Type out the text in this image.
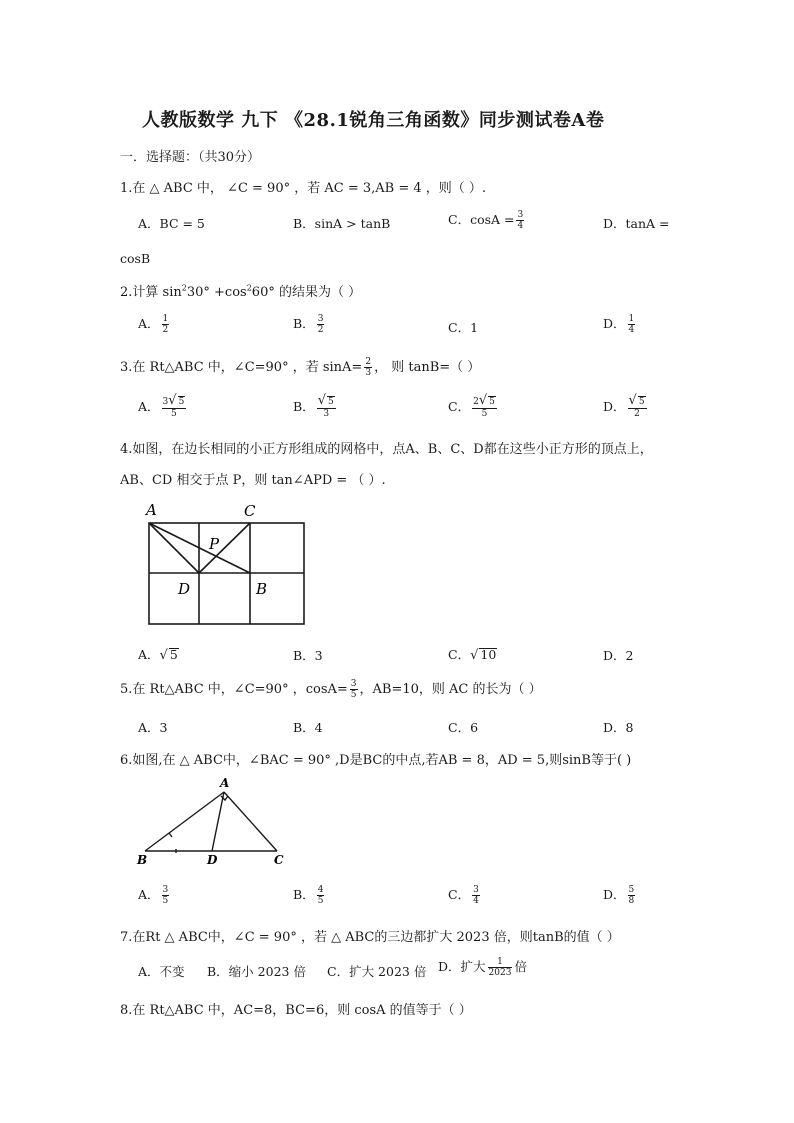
人教版数学 九下 《28.1锐角三角函数》同步测试卷A卷
一．选择题：（共30分）
1.在 △ ABC 中， ∠C = 90° ，若 AC = 3,AB = 4 ，则（ ）.
A．BC = 5	B．sinA > tanB	C．$\cos A = \frac{3}{4}$	D．tanA =
cosB
2.计算 $\sin^230^\circ +\cos^260^\circ$ 的结果为（ ）
A． $\frac{1}{2}$	B． $\frac{3}{2}$	C．1	D． $\frac{1}{4}$
3.在 Rt△ABC 中，∠C=90° ，若 $\sin A= \frac{2}{3}$ ， 则 tanB=（ ）
A． $\frac{3√ 5}{5}$	B． $\frac{√ 5}{3}$	C． $\frac{2√ 5}{5}$	D． $\frac{√ 5}{2}$
4.如图，在边长相同的小正方形组成的网格中，点A、B、C、D都在这些小正方形的顶点上，
AB、CD 相交于点 P，则 tan∠APD = （ ）.
A	C
P
D	B
A．√ 5	B．3	C．√ 10	D．2
5.在 Rt△ABC 中，∠C=90° ，$\cos A= \frac{3}{5}$ ，AB=10，则 AC 的长为（ ）
A．3	B．4	C．6	D．8
6.如图,在 △ ABC中，∠BAC = 90° ,D是BC的中点,若AB = 8，AD = 5,则sinB等于( )
A
B	D	C
A． $\frac{3}{5}$	B． $\frac{4}{5}$	C． $\frac{3}{4}$	D． $\frac{5}{8}$
7.在Rt △ ABC中，∠C = 90° ，若 △ ABC的三边都扩大 2023 倍，则tanB的值（ ）
A．不变 B．缩小 2023 倍 C．扩大 2023 倍 D．扩大 $\frac{1}{2023}$ 倍
8.在 Rt△ABC 中，AC=8，BC=6，则 cosA 的值等于（ ）
